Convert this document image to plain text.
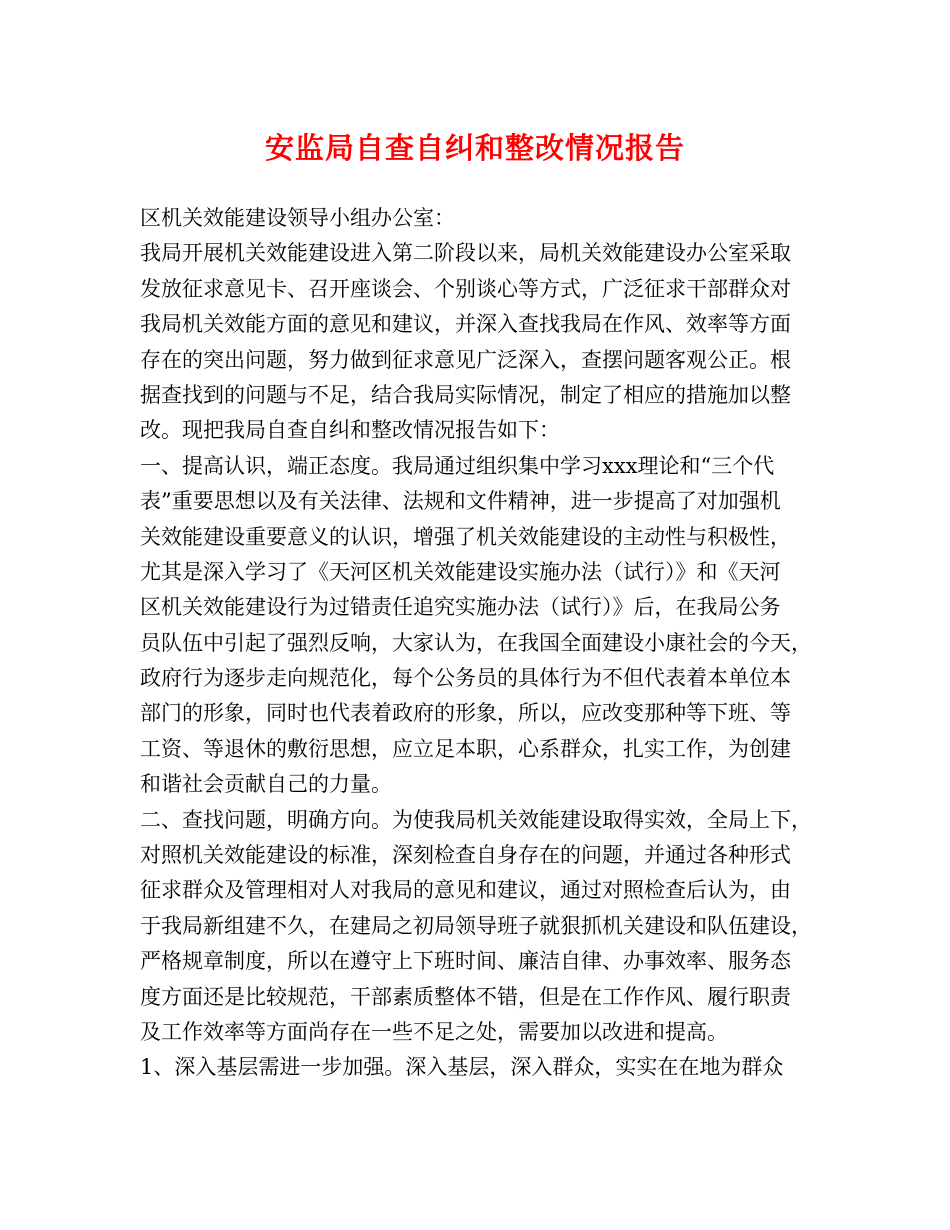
安监局自查自纠和整改情况报告
区机关效能建设领导小组办公室：
我局开展机关效能建设进入第二阶段以来，局机关效能建设办公室采取
发放征求意见卡、召开座谈会、个别谈心等方式，广泛征求干部群众对
我局机关效能方面的意见和建议，并深入查找我局在作风、效率等方面
存在的突出问题，努力做到征求意见广泛深入，查摆问题客观公正。根
据查找到的问题与不足，结合我局实际情况，制定了相应的措施加以整
改。现把我局自查自纠和整改情况报告如下：
一、提高认识，端正态度。我局通过组织集中学习xxx理论和“三个代
表”重要思想以及有关法律、法规和文件精神，进一步提高了对加强机
关效能建设重要意义的认识，增强了机关效能建设的主动性与积极性，
尤其是深入学习了《天河区机关效能建设实施办法（试行）》和《天河
区机关效能建设行为过错责任追究实施办法（试行）》后，在我局公务
员队伍中引起了强烈反响，大家认为，在我国全面建设小康社会的今天，
政府行为逐步走向规范化，每个公务员的具体行为不但代表着本单位本
部门的形象，同时也代表着政府的形象，所以，应改变那种等下班、等
工资、等退休的敷衍思想，应立足本职，心系群众，扎实工作，为创建
和谐社会贡献自己的力量。
二、查找问题，明确方向。为使我局机关效能建设取得实效，全局上下，
对照机关效能建设的标准，深刻检查自身存在的问题，并通过各种形式
征求群众及管理相对人对我局的意见和建议，通过对照检查后认为，由
于我局新组建不久，在建局之初局领导班子就狠抓机关建设和队伍建设，
严格规章制度，所以在遵守上下班时间、廉洁自律、办事效率、服务态
度方面还是比较规范，干部素质整体不错，但是在工作作风、履行职责
及工作效率等方面尚存在一些不足之处，需要加以改进和提高。
1、深入基层需进一步加强。深入基层，深入群众，实实在在地为群众
